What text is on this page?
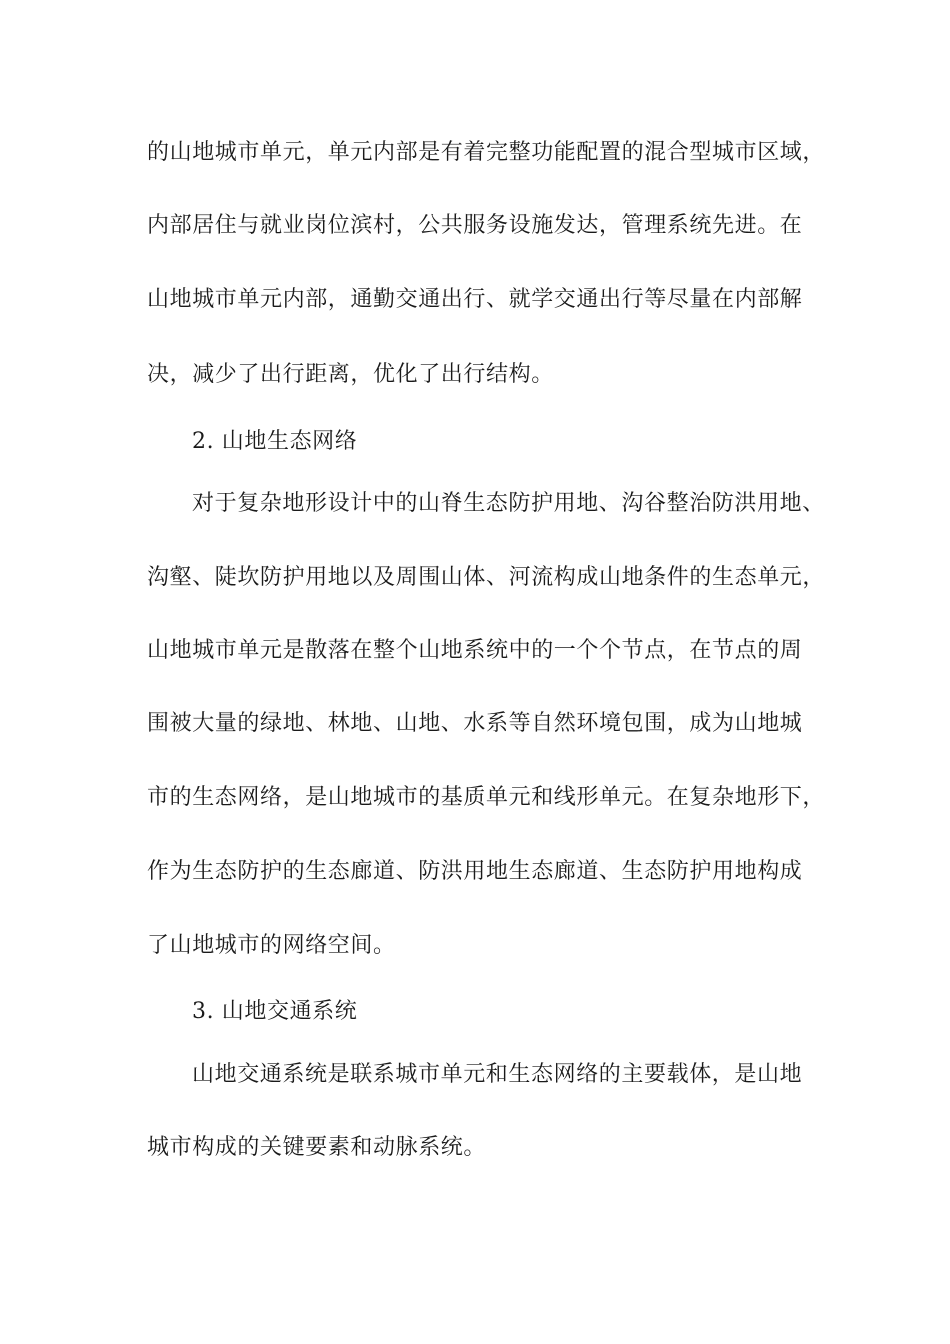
的山地城市单元，单元内部是有着完整功能配置的混合型城市区域，
内部居住与就业岗位滨村，公共服务设施发达，管理系统先进。在
山地城市单元内部，通勤交通出行、就学交通出行等尽量在内部解
决，减少了出行距离，优化了出行结构。
2. 山地生态网络
对于复杂地形设计中的山脊生态防护用地、沟谷整治防洪用地、
沟壑、陡坎防护用地以及周围山体、河流构成山地条件的生态单元，
山地城市单元是散落在整个山地系统中的一个个节点，在节点的周
围被大量的绿地、林地、山地、水系等自然环境包围，成为山地城
市的生态网络，是山地城市的基质单元和线形单元。在复杂地形下，
作为生态防护的生态廊道、防洪用地生态廊道、生态防护用地构成
了山地城市的网络空间。
3. 山地交通系统
山地交通系统是联系城市单元和生态网络的主要载体，是山地
城市构成的关键要素和动脉系统。
